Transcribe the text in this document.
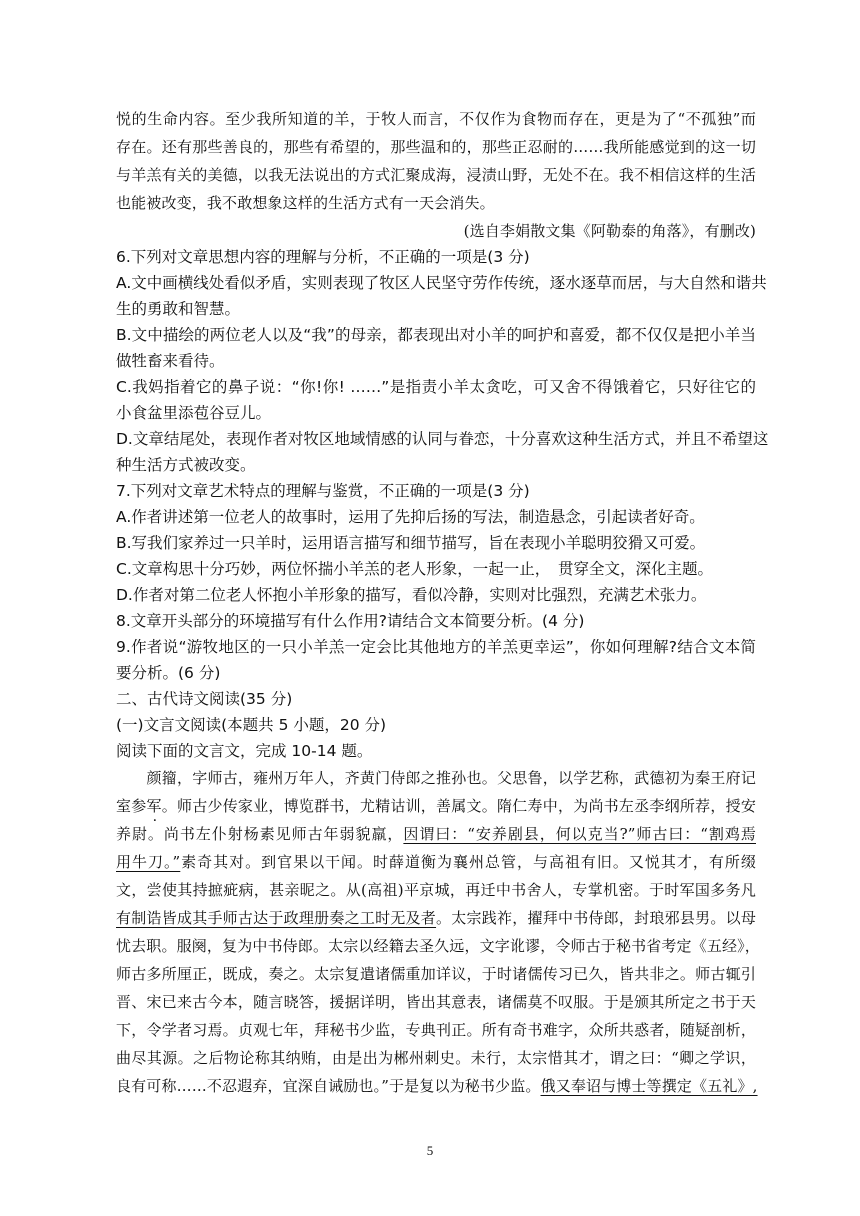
悦的生命内容。至少我所知道的羊，于牧人而言，不仅作为食物而存在，更是为了“不孤独”而
存在。还有那些善良的，那些有希望的，那些温和的，那些正忍耐的……我所能感觉到的这一切
与羊羔有关的美德，以我无法说出的方式汇聚成海，浸渍山野，无处不在。我不相信这样的生活
也能被改变，我不敢想象这样的生活方式有一天会消失。
(选自李娟散文集《阿勒泰的角落》，有删改)
6.下列对文章思想内容的理解与分析，不正确的一项是(3 分)
A.文中画横线处看似矛盾，实则表现了牧区人民坚守劳作传统，逐水逐草而居，与大自然和谐共
生的勇敢和智慧。
B.文中描绘的两位老人以及“我”的母亲，都表现出对小羊的呵护和喜爱，都不仅仅是把小羊当
做牲畜来看待。
C.我妈指着它的鼻子说：“你!你! ……”是指责小羊太贪吃，可又舍不得饿着它，只好往它的
小食盆里添苞谷豆儿。
D.文章结尾处，表现作者对牧区地域情感的认同与眷恋，十分喜欢这种生活方式，并且不希望这
种生活方式被改变。
7.下列对文章艺术特点的理解与鉴赏，不正确的一项是(3 分)
A.作者讲述第一位老人的故事时，运用了先抑后扬的写法，制造悬念，引起读者好奇。
B.写我们家养过一只羊时，运用语言描写和细节描写，旨在表现小羊聪明狡猾又可爱。
C.文章构思十分巧妙，两位怀揣小羊羔的老人形象，一起一止，　贯穿全文，深化主题。
D.作者对第二位老人怀抱小羊形象的描写，看似冷静，实则对比强烈，充满艺术张力。
8.文章开头部分的环境描写有什么作用?请结合文本简要分析。(4 分)
9.作者说“游牧地区的一只小羊羔一定会比其他地方的羊羔更幸运”，你如何理解?结合文本简
要分析。(6 分)
二、古代诗文阅读(35 分)
(一)文言文阅读(本题共 5 小题，20 分)
阅读下面的文言文，完成 10-14 题。
　　颜籀，字师古，雍州万年人，齐黄门侍郎之推孙也。父思鲁，以学艺称，武德初为秦王府记
室参军。师古少传家业，博览群书，尤精诂训，善属文。隋仁寿中，为尚书左丞李纲所荐，授安
养尉。尚书左仆射杨素见师古年弱貌羸，因谓曰：“安养剧县，何以克当?”师古曰：“割鸡焉
用牛刀。”素奇其对。到官果以干闻。时薛道衡为襄州总管，与高祖有旧。又悦其才，有所缀
文，尝使其持摭疵病，甚亲昵之。从(高祖)平京城，再迁中书舍人，专掌机密。于时军国多务凡
有制诰皆成其手师古达于政理册奏之工时无及者。太宗践祚，擢拜中书侍郎，封琅邪县男。以母
忧去职。服阕，复为中书侍郎。太宗以经籍去圣久远，文字讹谬，令师古于秘书省考定《五经》，
师古多所厘正，既成，奏之。太宗复遣诸儒重加详议，于时诸儒传习已久，皆共非之。师古辄引
晋、宋已来古今本，随言晓答，援据详明，皆出其意表，诸儒莫不叹服。于是颁其所定之书于天
下，令学者习焉。贞观七年，拜秘书少监，专典刊正。所有奇书难字，众所共惑者，随疑剖析，
曲尽其源。之后物论称其纳贿，由是出为郴州刺史。未行，太宗惜其才，谓之曰：“卿之学识，
良有可称……不忍遐弃，宜深自诫励也。”于是复以为秘书少监。俄又奉诏与博士等撰定《五礼》,
5
